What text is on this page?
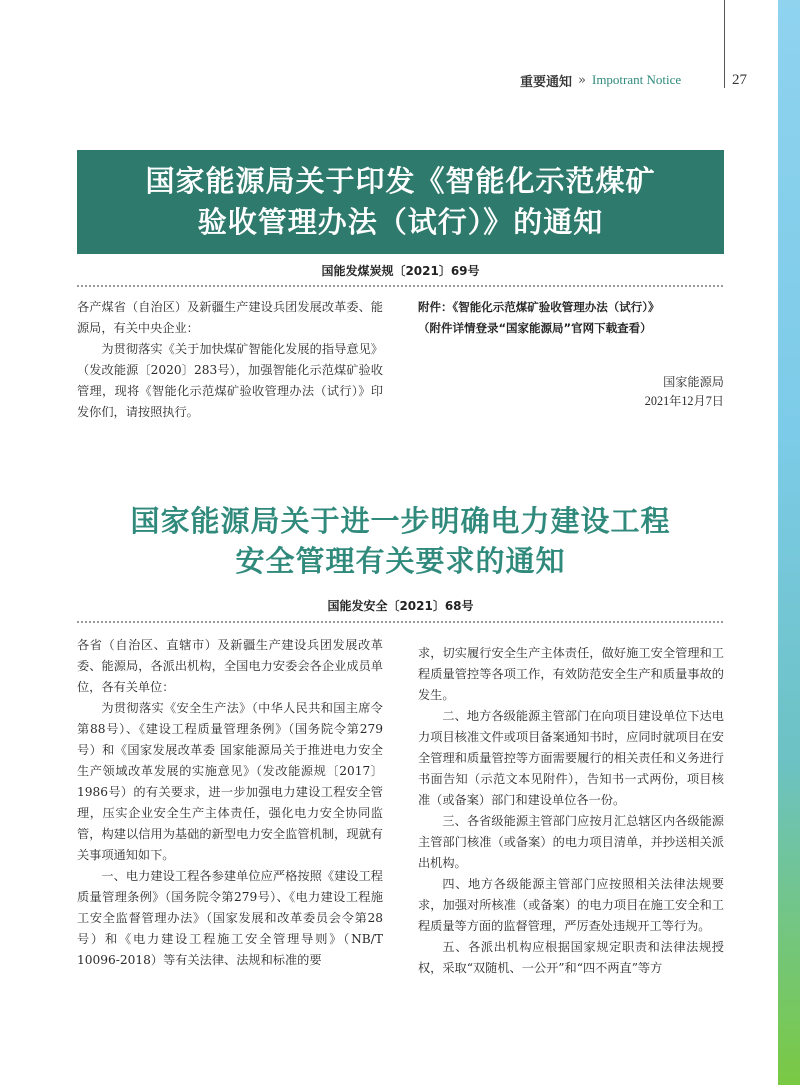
重要通知 » Impotrant Notice	27
国家能源局关于印发《智能化示范煤矿
验收管理办法（试行）》的通知
国能发煤炭规〔2021〕69号

各产煤省（自治区）及新疆生产建设兵团发展改革委、能源局，有关中央企业：

为贯彻落实《关于加快煤矿智能化发展的指导意见》（发改能源〔2020〕283号），加强智能化示范煤矿验收管理，现将《智能化示范煤矿验收管理办法（试行）》印发你们，请按照执行。

附件：《智能化示范煤矿验收管理办法（试行）》

（附件详情登录“国家能源局”官网下载查看）

国家能源局
2021年12月7日
国家能源局关于进一步明确电力建设工程
安全管理有关要求的通知
国能发安全〔2021〕68号

各省（自治区、直辖市）及新疆生产建设兵团发展改革委、能源局，各派出机构，全国电力安委会各企业成员单位，各有关单位：

为贯彻落实《安全生产法》（中华人民共和国主席令第88号）、《建设工程质量管理条例》（国务院令第279号）和《国家发展改革委 国家能源局关于推进电力安全生产领域改革发展的实施意见》（发改能源规〔2017〕1986号）的有关要求，进一步加强电力建设工程安全管理，压实企业安全生产主体责任，强化电力安全协同监管，构建以信用为基础的新型电力安全监管机制，现就有关事项通知如下。

一、电力建设工程各参建单位应严格按照《建设工程质量管理条例》（国务院令第279号）、《电力建设工程施工安全监督管理办法》（国家发展和改革委员会令第28号）和《电力建设工程施工安全管理导则》（NB/T 10096-2018）等有关法律、法规和标准的要

求，切实履行安全生产主体责任，做好施工安全管理和工程质量管控等各项工作，有效防范安全生产和质量事故的发生。

二、地方各级能源主管部门在向项目建设单位下达电力项目核准文件或项目备案通知书时，应同时就项目在安全管理和质量管控等方面需要履行的相关责任和义务进行书面告知（示范文本见附件），告知书一式两份，项目核准（或备案）部门和建设单位各一份。

三、各省级能源主管部门应按月汇总辖区内各级能源主管部门核准（或备案）的电力项目清单，并抄送相关派出机构。

四、地方各级能源主管部门应按照相关法律法规要求，加强对所核准（或备案）的电力项目在施工安全和工程质量等方面的监督管理，严厉查处违规开工等行为。

五、各派出机构应根据国家规定职责和法律法规授权，采取“双随机、一公开”和“四不两直”等方
